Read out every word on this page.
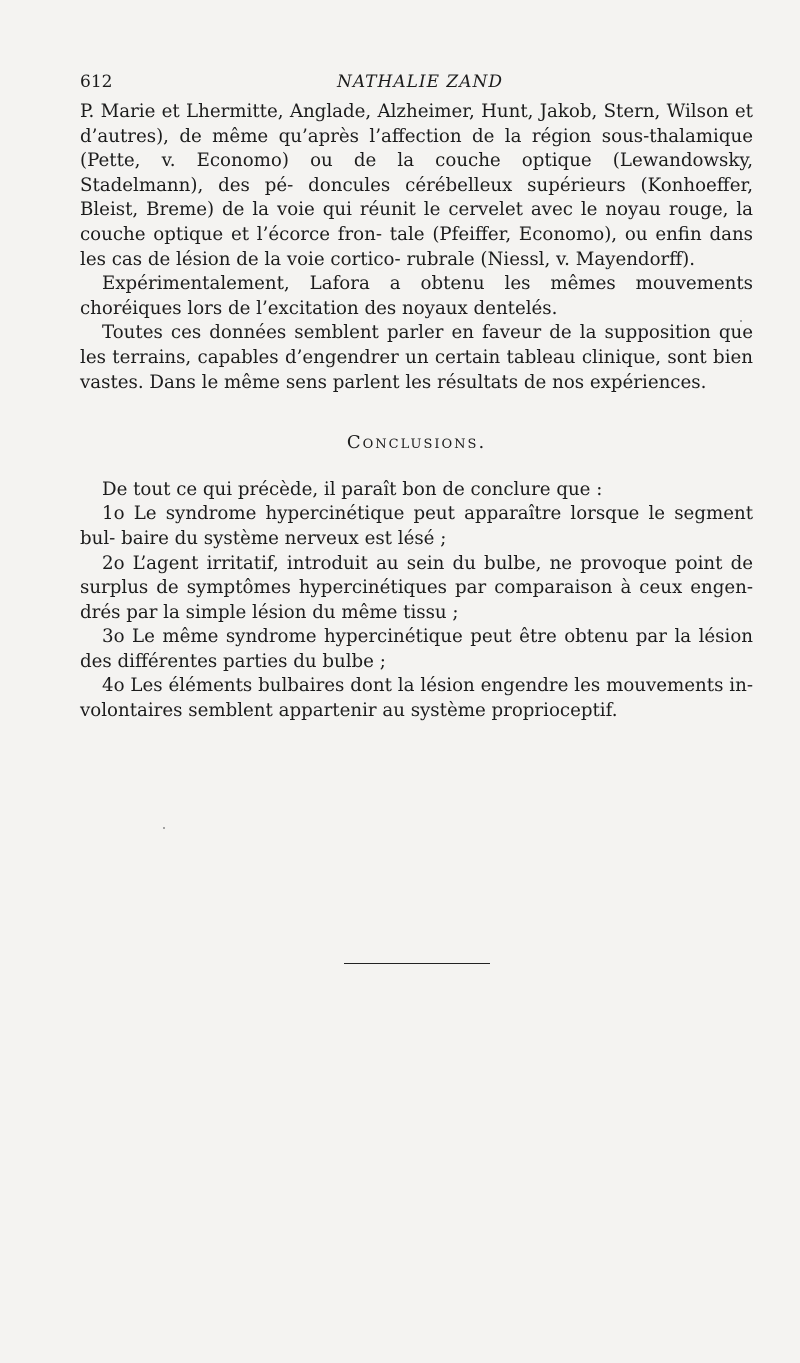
612	NATHALIE ZAND

P. Marie et Lhermitte, Anglade, Alzheimer, Hunt, Jakob, Stern, Wilson et d’autres), de même qu’après l’affection de la région sous-thalamique (Pette, v. Economo) ou de la couche optique (Lewandowsky, Stadelmann), des pé- doncules cérébelleux supérieurs (Konhoeffer, Bleist, Breme) de la voie qui réunit le cervelet avec le noyau rouge, la couche optique et l’écorce fron- tale (Pfeiffer, Economo), ou enfin dans les cas de lésion de la voie cortico- rubrale (Niessl, v. Mayendorff).

Expérimentalement, Lafora a obtenu les mêmes mouvements choréiques lors de l’excitation des noyaux dentelés.

Toutes ces données semblent parler en faveur de la supposition que les terrains, capables d’engendrer un certain tableau clinique, sont bien vastes. Dans le même sens parlent les résultats de nos expériences.

Conclusions.

De tout ce qui précède, il paraît bon de conclure que :

1o Le syndrome hypercinétique peut apparaître lorsque le segment bul- baire du système nerveux est lésé ;

2o L’agent irritatif, introduit au sein du bulbe, ne provoque point de surplus de symptômes hypercinétiques par comparaison à ceux engen- drés par la simple lésion du même tissu ;

3o Le même syndrome hypercinétique peut être obtenu par la lésion des différentes parties du bulbe ;

4o Les éléments bulbaires dont la lésion engendre les mouvements in- volontaires semblent appartenir au système proprioceptif.
